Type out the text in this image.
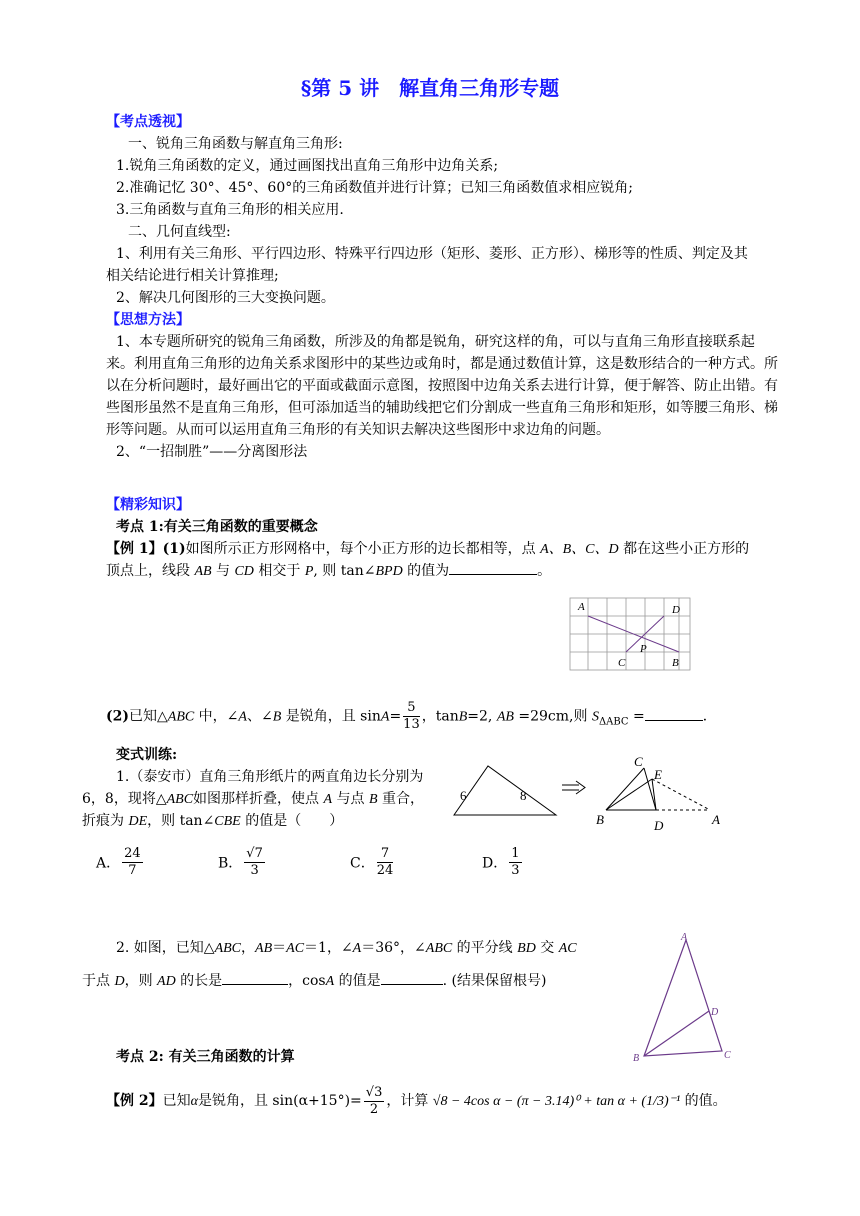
§第 5 讲　解直角三角形专题
【考点透视】
一、锐角三角函数与解直角三角形:
1.锐角三角函数的定义，通过画图找出直角三角形中边角关系;
2.准确记忆 30°、45°、60°的三角函数值并进行计算；已知三角函数值求相应锐角;
3.三角函数与直角三角形的相关应用.
二、几何直线型:
1、利用有关三角形、平行四边形、特殊平行四边形（矩形、菱形、正方形）、梯形等的性质、判定及其
相关结论进行相关计算推理;
2、解决几何图形的三大变换问题。
【思想方法】
1、本专题所研究的锐角三角函数，所涉及的角都是锐角，研究这样的角，可以与直角三角形直接联系起
来。利用直角三角形的边角关系求图形中的某些边或角时，都是通过数值计算，这是数形结合的一种方式。所
以在分析问题时，最好画出它的平面或截面示意图，按照图中边角关系去进行计算，便于解答、防止出错。有
些图形虽然不是直角三角形，但可添加适当的辅助线把它们分割成一些直角三角形和矩形，如等腰三角形、梯
形等问题。从而可以运用直角三角形的有关知识去解决这些图形中求边角的问题。
2、“一招制胜”——分离图形法
【精彩知识】
考点 1:有关三角函数的重要概念
【例 1】(1)如图所示正方形网格中，每个小正方形的边长都相等，点 A、B、C、D 都在这些小正方形的
顶点上，线段 AB 与 CD 相交于 P, 则 tan∠BPD 的值为	。
A	D
P
C	B
(2)已知△ABC 中，∠A、∠B 是锐角，且 $\sin A= \frac{5}{13}$ ，tanB=2, AB =29cm,则 $S_{\Delta ABC}$ =	．
变式训练:
1.（泰安市）直角三角形纸片的两直角边长分别为
6，8，现将△ABC如图那样折叠，使点 A 与点 B 重合，
折痕为 DE，则 tan∠CBE 的值是（　　）
6	8
C
E
B	D	A
A． $\frac{24}{7}$	B． $\frac{√7}{3}$	C． $\frac{7}{24}$	D． $\frac{1}{3}$
2. 如图，已知△ABC，AB＝AC＝1，∠A＝36°，∠ABC 的平分线 BD 交 AC
于点 D，则 AD 的长是	，cosA 的值是	. (结果保留根号)
A
D
B	C
考点 2: 有关三角函数的计算
【例 2】已知α是锐角，且 $\sin(\alpha+15^\circ)= \frac{√3}{2}$ ，计算 √8 − 4cos α − (π − 3.14)⁰ + tan α + (1/3)⁻¹ 的值。
